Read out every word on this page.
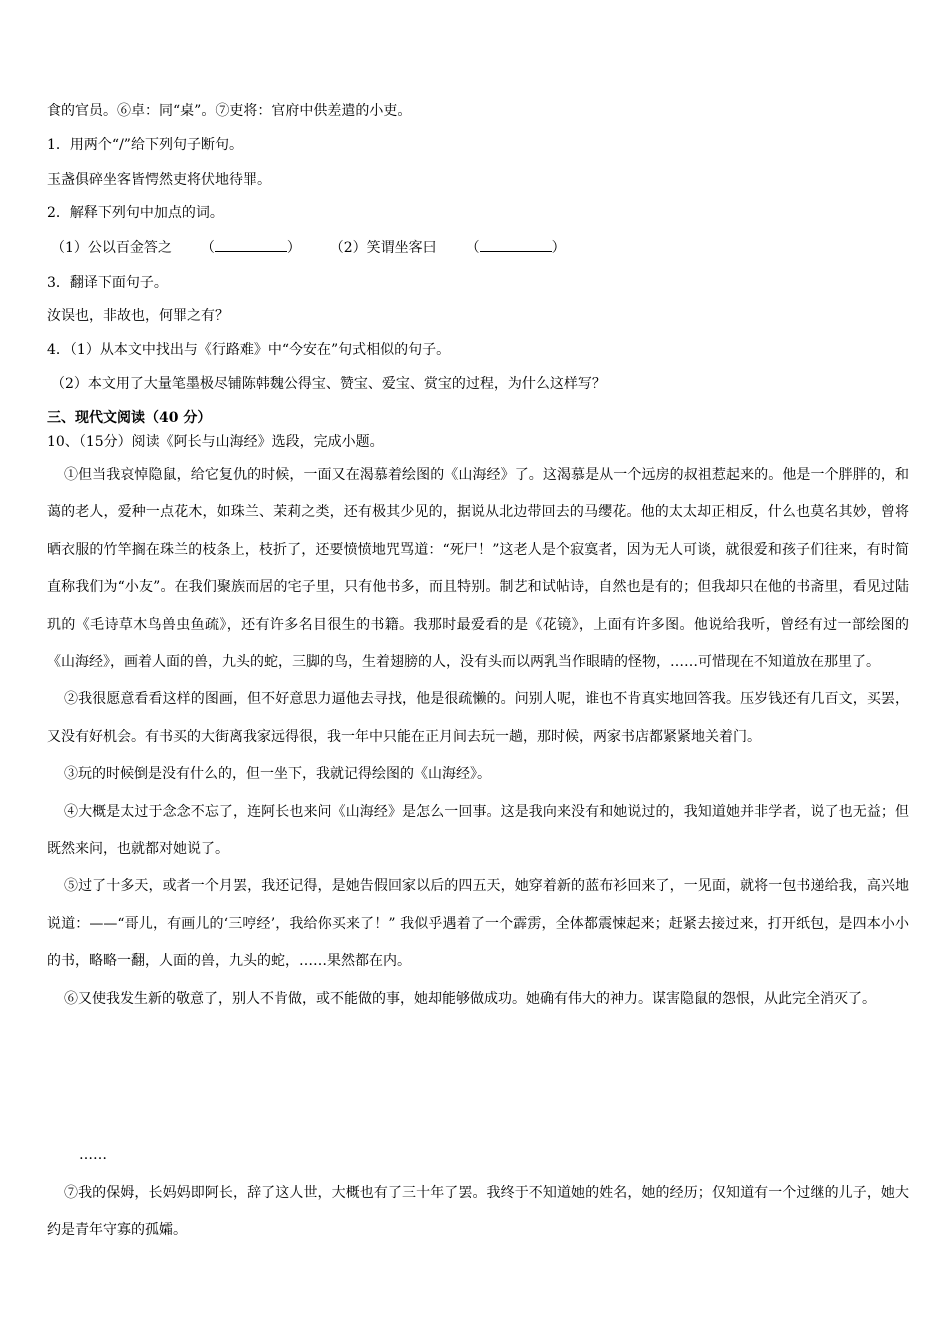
食的官员。⑥卓：同“桌”。⑦吏将：官府中供差遣的小吏。
1．用两个“/”给下列句子断句。
玉盏俱碎坐客皆愕然吏将伏地待罪。
2．解释下列句中加点的词。
（1）公以百金答之 （	） （2）笑谓坐客曰 （	）
3．翻译下面句子。
汝误也，非故也，何罪之有？
4．（1）从本文中找出与《行路难》中“今安在”句式相似的句子。
（2）本文用了大量笔墨极尽铺陈韩魏公得宝、赞宝、爱宝、赏宝的过程，为什么这样写？
三、现代文阅读（40 分）
10、（15分）阅读《阿长与山海经》选段，完成小题。

①但当我哀悼隐鼠，给它复仇的时候，一面又在渴慕着绘图的《山海经》了。这渴慕是从一个远房的叔祖惹起来的。他是一个胖胖的，和蔼的老人，爱种一点花木，如珠兰、茉莉之类，还有极其少见的，据说从北边带回去的马缨花。他的太太却正相反，什么也莫名其妙，曾将晒衣服的竹竿搁在珠兰的枝条上，枝折了，还要愤愤地咒骂道：“死尸！”这老人是个寂寞者，因为无人可谈，就很爱和孩子们往来，有时简直称我们为“小友”。在我们聚族而居的宅子里，只有他书多，而且特别。制艺和试帖诗，自然也是有的；但我却只在他的书斋里，看见过陆玑的《毛诗草木鸟兽虫鱼疏》，还有许多名目很生的书籍。我那时最爱看的是《花镜》，上面有许多图。他说给我听，曾经有过一部绘图的《山海经》，画着人面的兽，九头的蛇，三脚的鸟，生着翅膀的人，没有头而以两乳当作眼睛的怪物，……可惜现在不知道放在那里了。

②我很愿意看看这样的图画，但不好意思力逼他去寻找，他是很疏懒的。问别人呢，谁也不肯真实地回答我。压岁钱还有几百文，买罢，又没有好机会。有书买的大街离我家远得很，我一年中只能在正月间去玩一趟，那时候，两家书店都紧紧地关着门。

③玩的时候倒是没有什么的，但一坐下，我就记得绘图的《山海经》。

④大概是太过于念念不忘了，连阿长也来问《山海经》是怎么一回事。这是我向来没有和她说过的，我知道她并非学者，说了也无益；但既然来问，也就都对她说了。

⑤过了十多天，或者一个月罢，我还记得，是她告假回家以后的四五天，她穿着新的蓝布衫回来了，一见面，就将一包书递给我，高兴地说道：——“哥儿，有画儿的‘三哼经’，我给你买来了！” 我似乎遇着了一个霹雳，全体都震悚起来；赶紧去接过来，打开纸包，是四本小小的书，略略一翻，人面的兽，九头的蛇，……果然都在内。

⑥又使我发生新的敬意了，别人不肯做，或不能做的事，她却能够做成功。她确有伟大的神力。谋害隐鼠的怨恨，从此完全消灭了。

……

⑦我的保姆，长妈妈即阿长，辞了这人世，大概也有了三十年了罢。我终于不知道她的姓名，她的经历；仅知道有一个过继的儿子，她大约是青年守寡的孤孀。
